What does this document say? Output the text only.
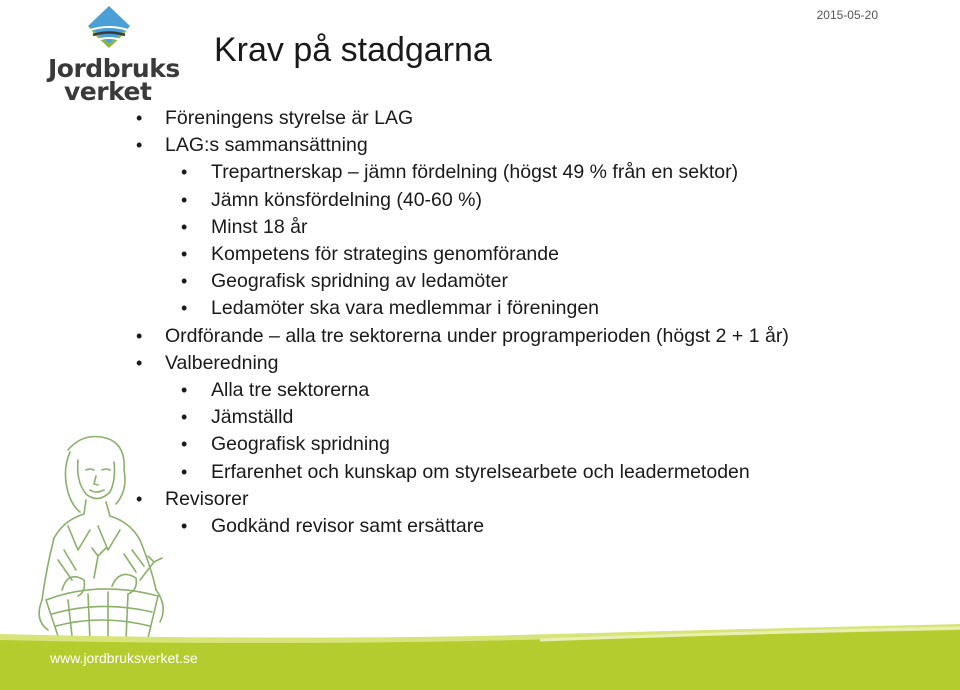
Jordbruks
verket
2015-05-20
Krav på stadgarna
• Föreningens styrelse är LAG
• LAG:s sammansättning
• Trepartnerskap – jämn fördelning (högst 49 % från en sektor)
• Jämn könsfördelning (40-60 %)
• Minst 18 år
• Kompetens för strategins genomförande
• Geografisk spridning av ledamöter
• Ledamöter ska vara medlemmar i föreningen
• Ordförande – alla tre sektorerna under programperioden (högst 2 + 1 år)
• Valberedning
• Alla tre sektorerna
• Jämställd
• Geografisk spridning
• Erfarenhet och kunskap om styrelsearbete och leadermetoden
• Revisorer
• Godkänd revisor samt ersättare
www.jordbruksverket.se
